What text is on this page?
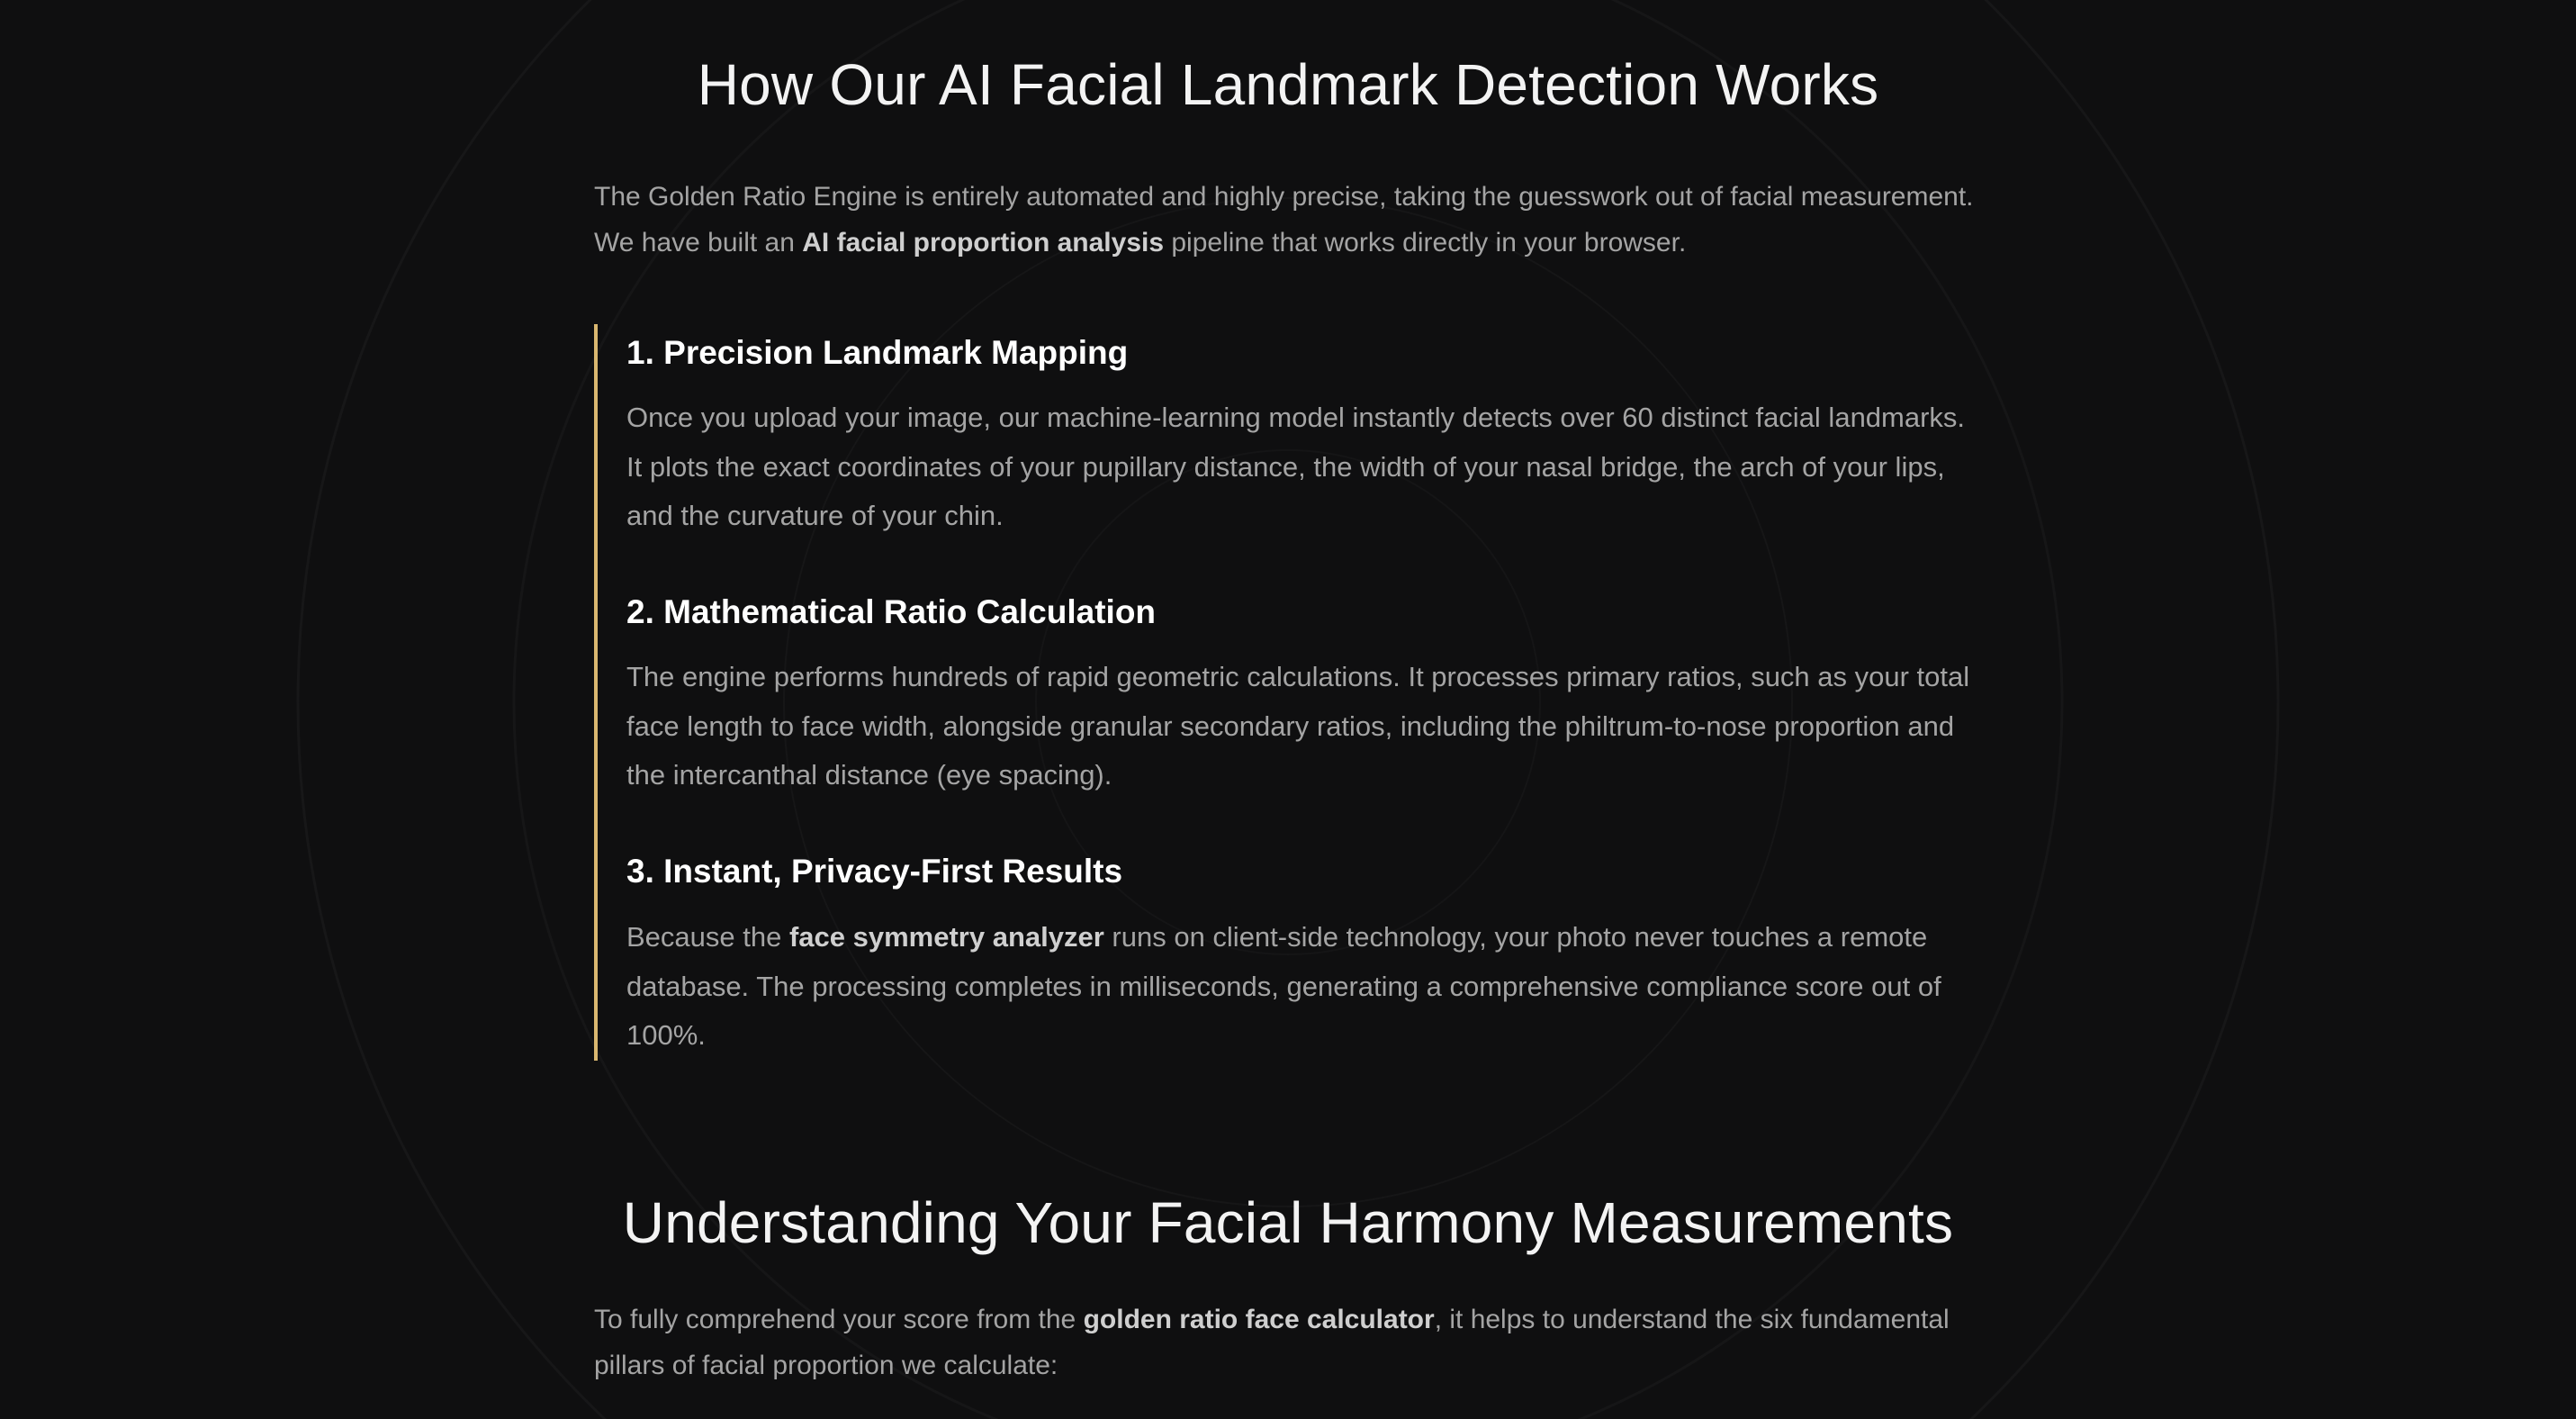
How Our AI Facial Landmark Detection Works

The Golden Ratio Engine is entirely automated and highly precise, taking the guesswork out of facial measurement. We have built an AI facial proportion analysis pipeline that works directly in your browser.

1. Precision Landmark Mapping

Once you upload your image, our machine-learning model instantly detects over 60 distinct facial landmarks. It plots the exact coordinates of your pupillary distance, the width of your nasal bridge, the arch of your lips, and the curvature of your chin.

2. Mathematical Ratio Calculation

The engine performs hundreds of rapid geometric calculations. It processes primary ratios, such as your total face length to face width, alongside granular secondary ratios, including the philtrum-to-nose proportion and the intercanthal distance (eye spacing).

3. Instant, Privacy-First Results

Because the face symmetry analyzer runs on client-side technology, your photo never touches a remote database. The processing completes in milliseconds, generating a comprehensive compliance score out of 100%.

Understanding Your Facial Harmony Measurements

To fully comprehend your score from the golden ratio face calculator, it helps to understand the six fundamental pillars of facial proportion we calculate:
